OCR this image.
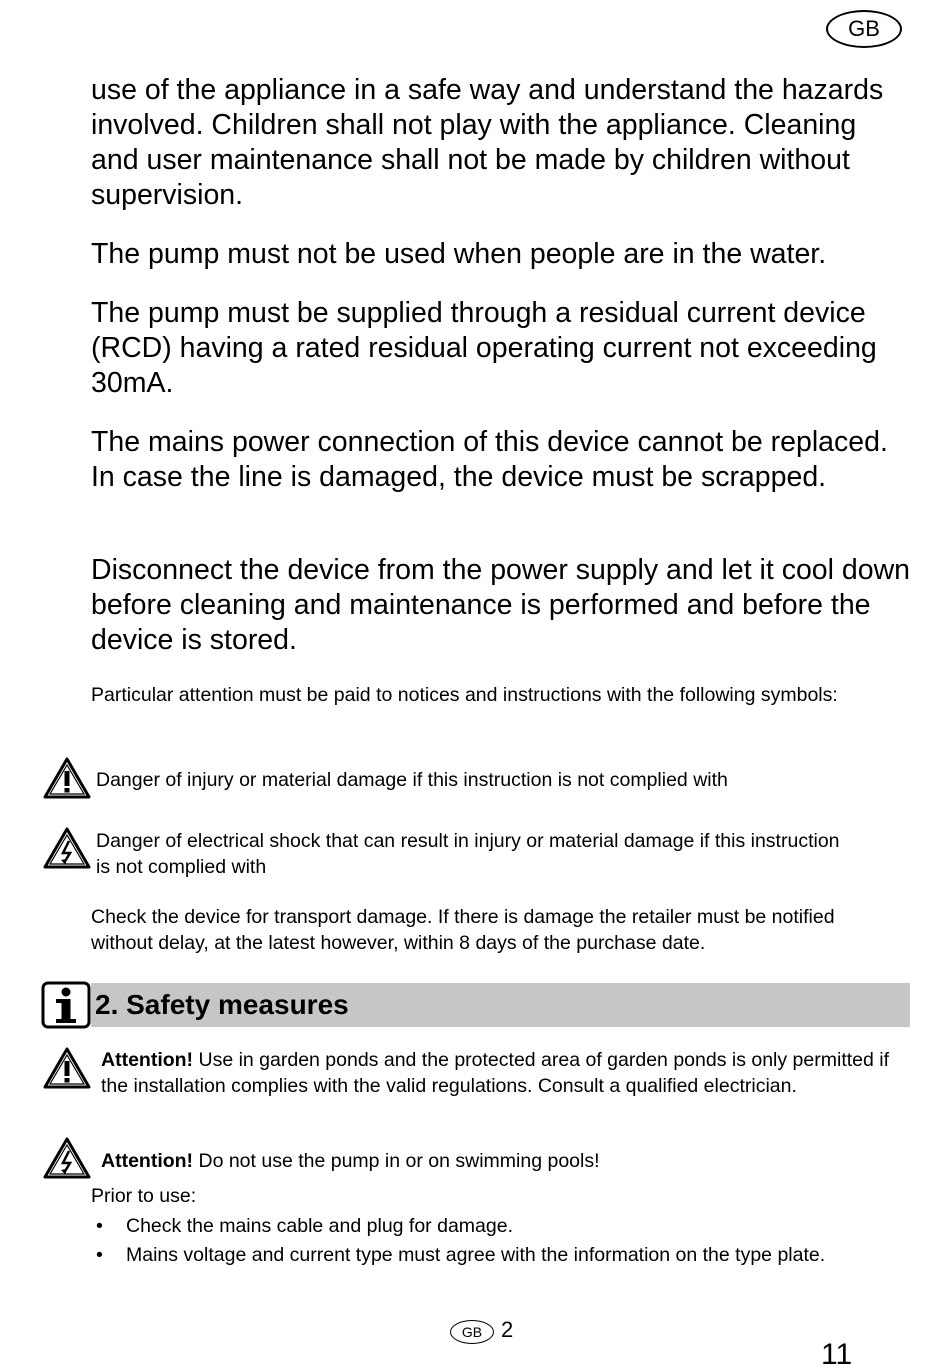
GB

use of the appliance in a safe way and understand the hazards involved. Children shall not play with the appliance. Cleaning and user maintenance shall not be made by children without supervision.

The pump must not be used when people are in the water.

The pump must be supplied through a residual current device (RCD) having a rated residual operating current not exceeding 30mA.

The mains power connection of this device cannot be replaced. In case the line is damaged, the device must be scrapped.

Disconnect the device from the power supply and let it cool down before cleaning and maintenance is performed and before the device is stored.

Particular attention must be paid to notices and instructions with the following symbols:

Danger of injury or material damage if this instruction is not complied with

Danger of electrical shock that can result in injury or material damage if this instruction is not complied with

Check the device for transport damage. If there is damage the retailer must be notified without delay, at the latest however, within 8 days of the purchase date.

2. Safety measures

Attention! Use in garden ponds and the protected area of garden ponds is only permitted if the installation complies with the valid regulations. Consult a qualified electrician.

Attention! Do not use the pump in or on swimming pools!

Prior to use:

• Check the mains cable and plug for damage.
• Mains voltage and current type must agree with the information on the type plate.
GB 2
11
